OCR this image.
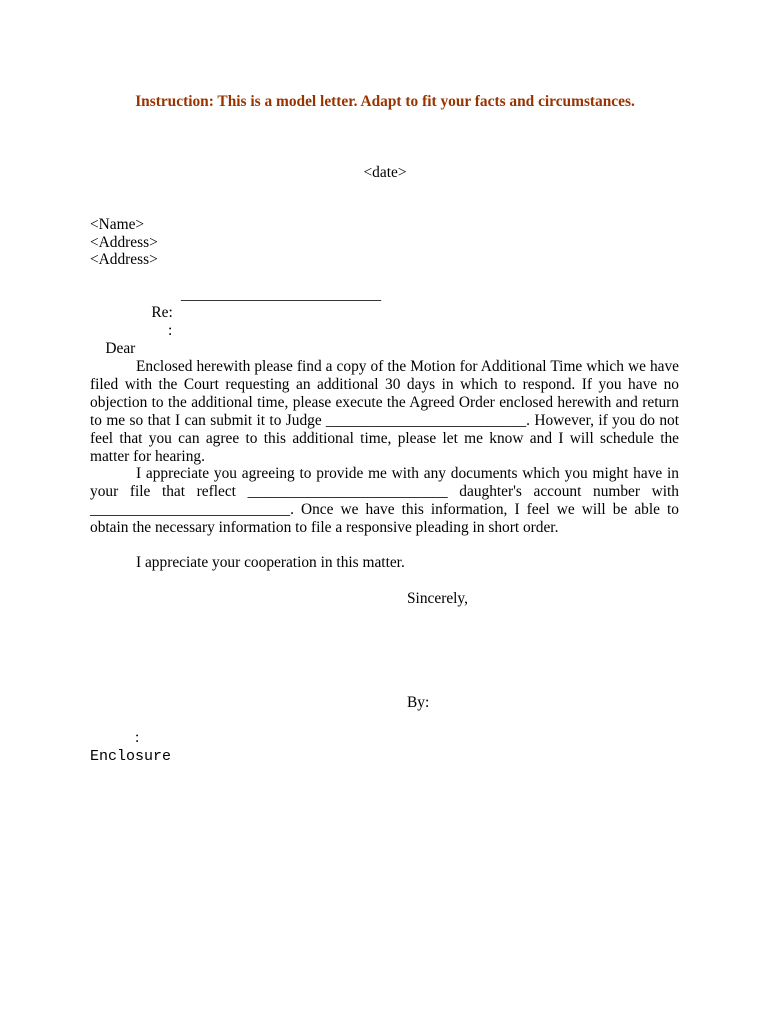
Instruction: This is a model letter. Adapt to fit your facts and circumstances.
<date>
<Name>
<Address>
<Address>

Re:

__________________________

Dear

:

Enclosed herewith please find a copy of the Motion for Additional Time which we have filed with the Court requesting an additional 30 days in which to respond. If you have no objection to the additional time, please execute the Agreed Order enclosed herewith and return to me so that I can submit it to Judge __________________________. However, if you do not feel that you can agree to this additional time, please let me know and I will schedule the matter for hearing.
I appreciate you agreeing to provide me with any documents which you might have in your file that reflect __________________________ daughter's account number with __________________________. Once we have this information, I feel we will be able to obtain the necessary information to file a responsive pleading in short order.
I appreciate your cooperation in this matter.
Sincerely,
By:
:
Enclosure
